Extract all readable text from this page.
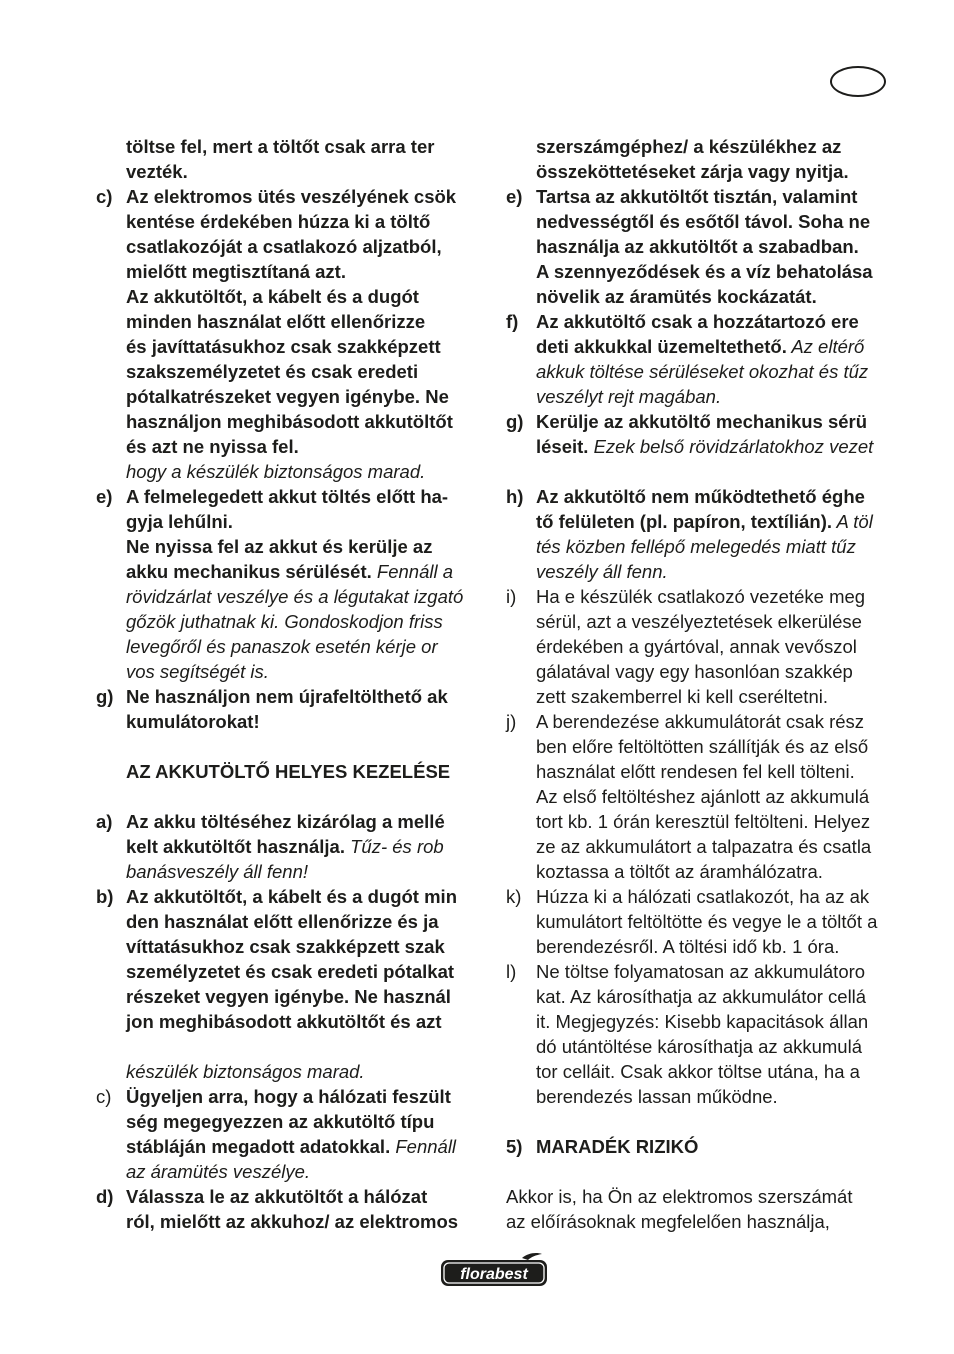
töltse fel, mert a töltőt csak arra ter
vezték.
c) Az elektromos ütés veszélyének csök
kentése érdekében húzza ki a töltő
csatlakozóját a csatlakozó aljzatból,
mielőtt megtisztítaná azt.
Az akkutöltőt, a kábelt és a dugót
minden használat előtt ellenőrizze
és javíttatásukhoz csak szakképzett
szakszemélyzetet és csak eredeti
pótalkatrészeket vegyen igénybe. Ne
használjon meghibásodott akkutöltőt
és azt ne nyissa fel.
hogy a készülék biztonságos marad.
e) A felmelegedett akkut töltés előtt ha-
gyja lehűlni.
Ne nyissa fel az akkut és kerülje az
akku mechanikus sérülését. Fennáll a
rövidzárlat veszélye és a légutakat izgató
gőzök juthatnak ki. Gondoskodjon friss
levegőről és panaszok esetén kérje or
vos segítségét is.
g) Ne használjon nem újrafeltölthető ak
kumulátorokat!
AZ AKKUTÖLTŐ HELYES KEZELÉSE
a) Az akku töltéséhez kizárólag a mellé
kelt akkutöltőt használja. Tűz- és rob
banásveszély áll fenn!
b) Az akkutöltőt, a kábelt és a dugót min
den használat előtt ellenőrizze és ja
víttatásukhoz csak szakképzett szak
személyzetet és csak eredeti pótalkat
részeket vegyen igénybe. Ne használ
jon meghibásodott akkutöltőt és azt
készülék biztonságos marad.
c) Ügyeljen arra, hogy a hálózati feszült
ség megegyezzen az akkutöltő típu
stábláján megadott adatokkal. Fennáll
az áramütés veszélye.
d) Válassza le az akkutöltőt a hálózat
ról, mielőtt az akkuhoz/ az elektromos
szerszámgéphez/ a készülékhez az
összeköttetéseket zárja vagy nyitja.
e) Tartsa az akkutöltőt tisztán, valamint
nedvességtől és esőtől távol. Soha ne
használja az akkutöltőt a szabadban.
A szennyeződések és a víz behatolása
növelik az áramütés kockázatát.
f) Az akkutöltő csak a hozzátartozó ere
deti akkukkal üzemeltethető. Az eltérő
akkuk töltése sérüléseket okozhat és tűz
veszélyt rejt magában.
g) Kerülje az akkutöltő mechanikus sérü
léseit. Ezek belső rövidzárlatokhoz vezet
h) Az akkutöltő nem működtethető éghe
tő felületen (pl. papíron, textílián). A töl
tés közben fellépő melegedés miatt tűz
veszély áll fenn.
i) Ha e készülék csatlakozó vezetéke meg
sérül, azt a veszélyeztetések elkerülése
érdekében a gyártóval, annak vevőszol
gálatával vagy egy hasonlóan szakkép
zett szakemberrel ki kell cseréltetni.
j) A berendezése akkumulátorát csak rész
ben előre feltöltötten szállítják és az első
használat előtt rendesen fel kell tölteni.
Az első feltöltéshez ajánlott az akkumulá
tort kb. 1 órán keresztül feltölteni. Helyez
ze az akkumulátort a talpazatra és csatla
koztassa a töltőt az áramhálózatra.
k) Húzza ki a hálózati csatlakozót, ha az ak
kumulátort feltöltötte és vegye le a töltőt a
berendezésről. A töltési idő kb. 1 óra.
l) Ne töltse folyamatosan az akkumulátoro
kat. Az károsíthatja az akkumulátor cellá
it. Megjegyzés: Kisebb kapacitások állan
dó utántöltése károsíthatja az akkumulá
tor celláit. Csak akkor töltse utána, ha a
berendezés lassan működne.
5) MARADÉK RIZIKÓ
Akkor is, ha Ön az elektromos szerszámát
az előírásoknak megfelelően használja,
florabest
